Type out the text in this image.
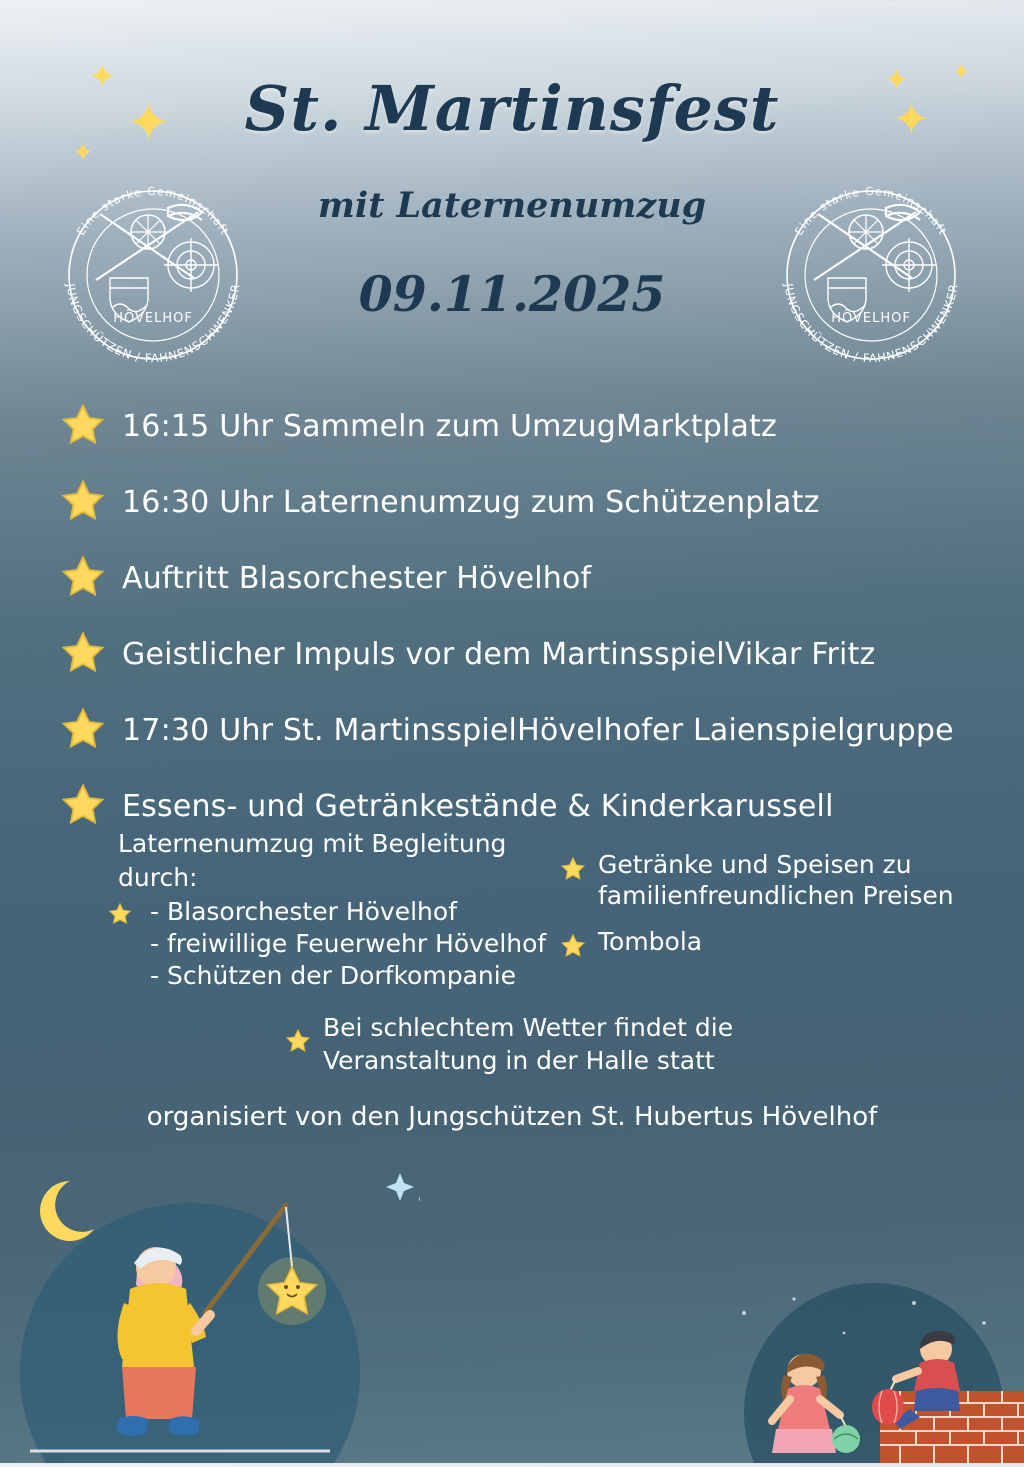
✦
✦
✦
✦
✦
✦
St. Martinsfest
mit Laternenumzug
09.11.2025
Eine starke Gemeinschaft
JUNGSCHÜTZEN / FAHNENSCHWENKER
HÖVELHOF
Eine starke Gemeinschaft
JUNGSCHÜTZEN / FAHNENSCHWENKER
HÖVELHOF
16:15 Uhr Sammeln zum Umzug Marktplatz
16:30 Uhr Laternenumzug zum Schützenplatz
Auftritt Blasorchester Hövelhof
Geistlicher Impuls vor dem Martinsspiel Vikar Fritz
17:30 Uhr St. Martinsspiel Hövelhofer Laienspielgruppe
Essens- und Getränkestände & Kinderkarussell
Laternenumzug mit Begleitung
durch:
- Blasorchester Hövelhof
- freiwillige Feuerwehr Hövelhof
- Schützen der Dorfkompanie
Getränke und Speisen zu familienfreundlichen Preisen
Tombola
Bei schlechtem Wetter findet die Veranstaltung in der Halle statt
organisiert von den Jungschützen St. Hubertus Hövelhof
